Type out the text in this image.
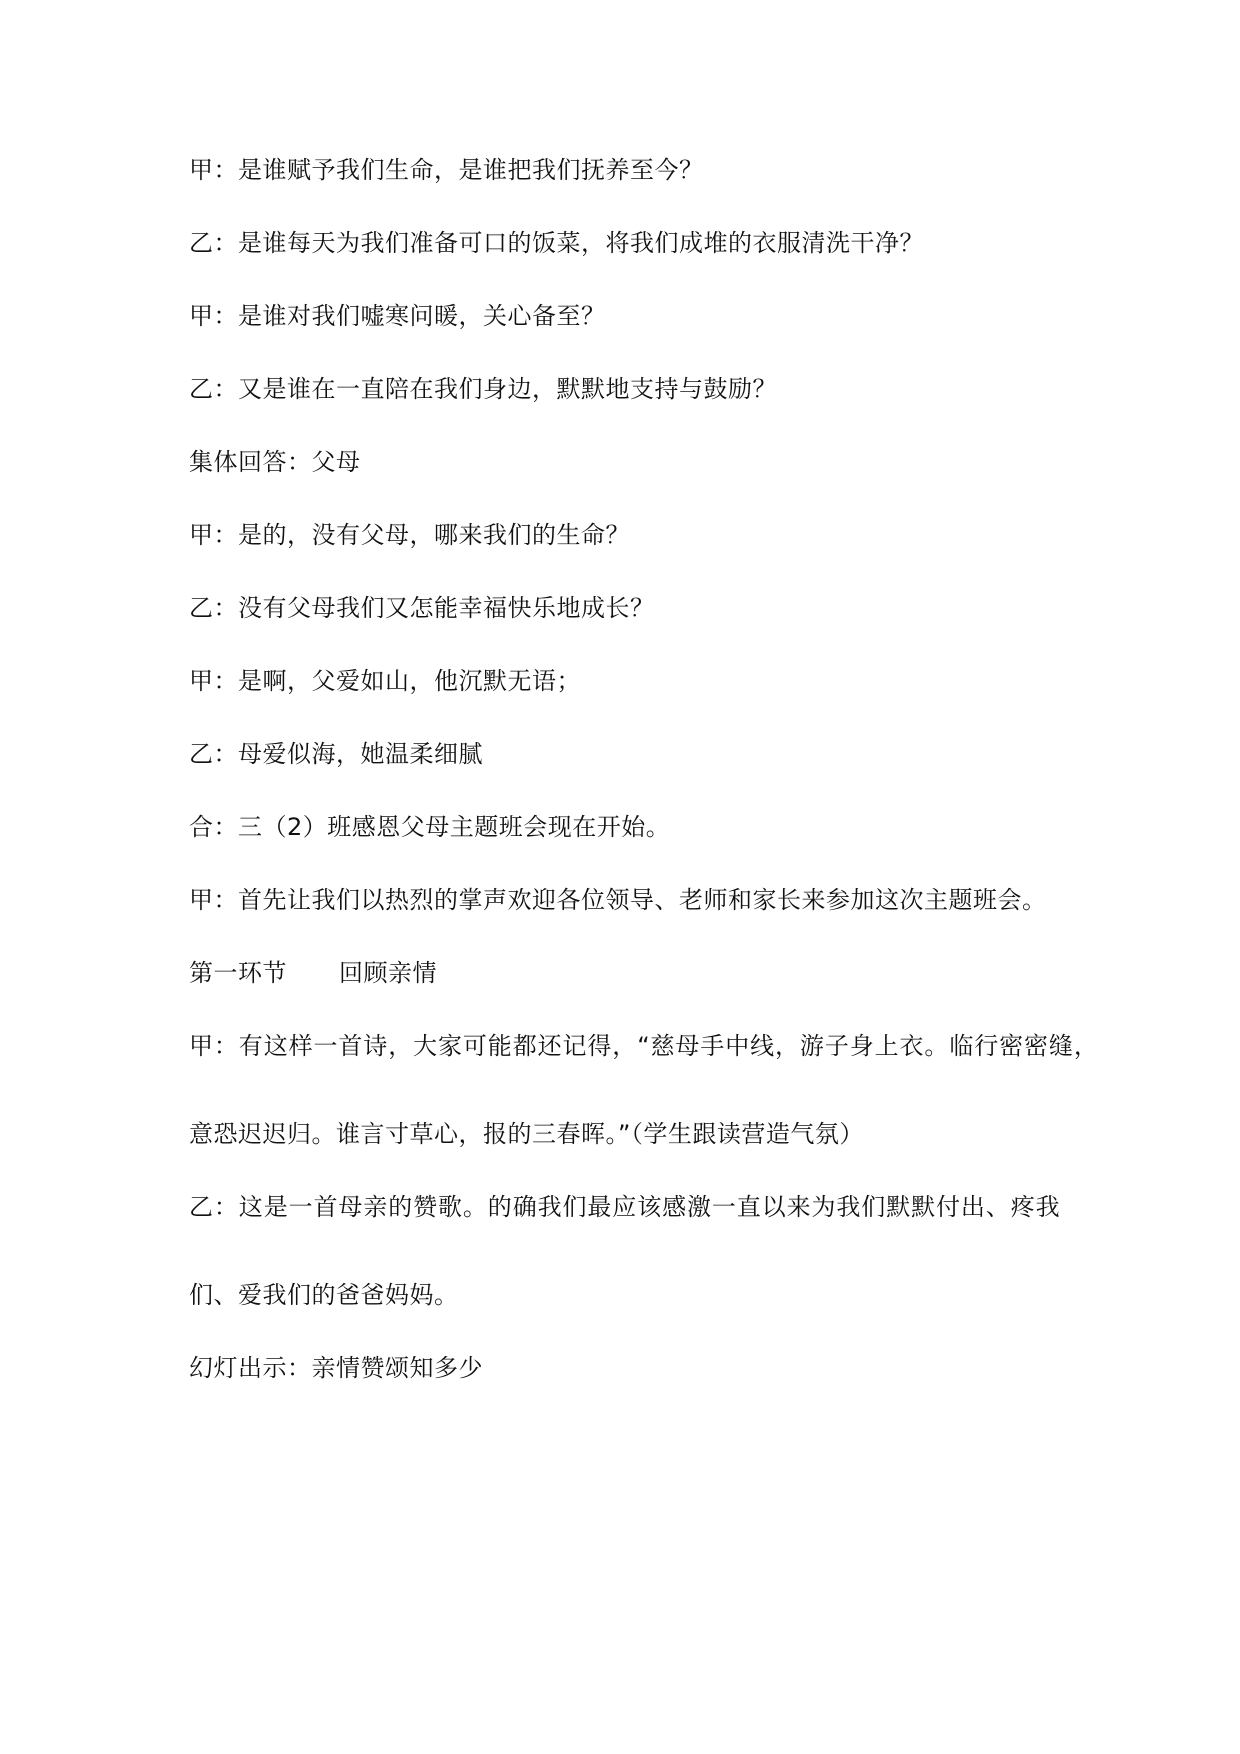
甲：是谁赋予我们生命，是谁把我们抚养至今？
乙：是谁每天为我们准备可口的饭菜，将我们成堆的衣服清洗干净？
甲：是谁对我们嘘寒问暖，关心备至？
乙：又是谁在一直陪在我们身边，默默地支持与鼓励？
集体回答：父母
甲：是的，没有父母，哪来我们的生命？
乙：没有父母我们又怎能幸福快乐地成长？
甲：是啊，父爱如山，他沉默无语；
乙：母爱似海，她温柔细腻
合：三（2）班感恩父母主题班会现在开始。
甲：首先让我们以热烈的掌声欢迎各位领导、老师和家长来参加这次主题班会。
第一环节 回顾亲情
甲：有这样一首诗，大家可能都还记得，“慈母手中线，游子身上衣。临行密密缝，
意恐迟迟归。谁言寸草心，报的三春晖。”（学生跟读营造气氛）
乙：这是一首母亲的赞歌。的确我们最应该感激一直以来为我们默默付出、疼我
们、爱我们的爸爸妈妈。
幻灯出示：亲情赞颂知多少
